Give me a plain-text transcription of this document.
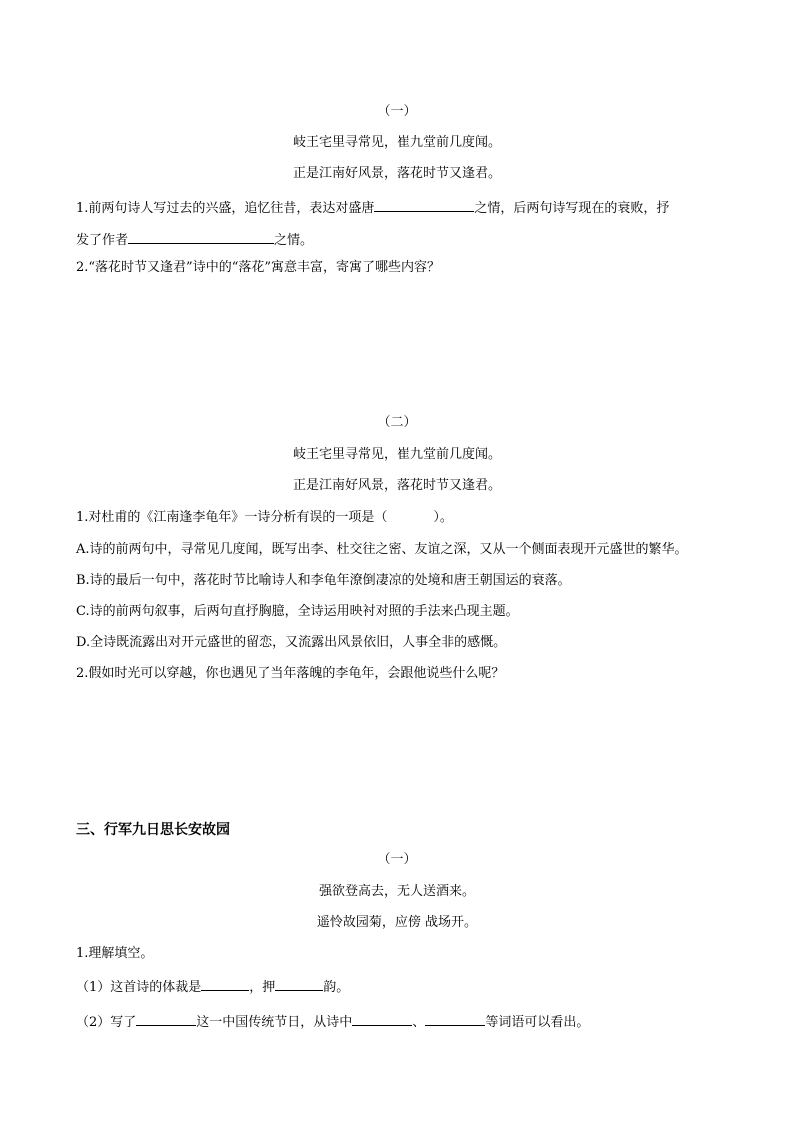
（一）
岐王宅里寻常见，崔九堂前几度闻。
正是江南好风景，落花时节又逢君。
1.前两句诗人写过去的兴盛，追忆往昔，表达对盛唐	之情，后两句诗写现在的衰败，抒
发了作者	之情。
2.“落花时节又逢君”诗中的“落花”寓意丰富，寄寓了哪些内容？
（二）
岐王宅里寻常见，崔九堂前几度闻。
正是江南好风景，落花时节又逢君。
1.对杜甫的《江南逢李龟年》一诗分析有误的一项是（	）。
A.诗的前两句中，寻常见几度闻，既写出李、杜交往之密、友谊之深，又从一个侧面表现开元盛世的繁华。
B.诗的最后一句中，落花时节比喻诗人和李龟年潦倒凄凉的处境和唐王朝国运的衰落。
C.诗的前两句叙事，后两句直抒胸臆，全诗运用映衬对照的手法来凸现主题。
D.全诗既流露出对开元盛世的留恋，又流露出风景依旧，人事全非的感慨。
2.假如时光可以穿越，你也遇见了当年落魄的李龟年，会跟他说些什么呢？
三、行军九日思长安故园
（一）
强欲登高去，无人送酒来。
遥怜故园菊，应傍 战场开。
1.理解填空。
（1）这首诗的体裁是	，押	韵。
（2）写了	这一中国传统节日，从诗中	、	等词语可以看出。
